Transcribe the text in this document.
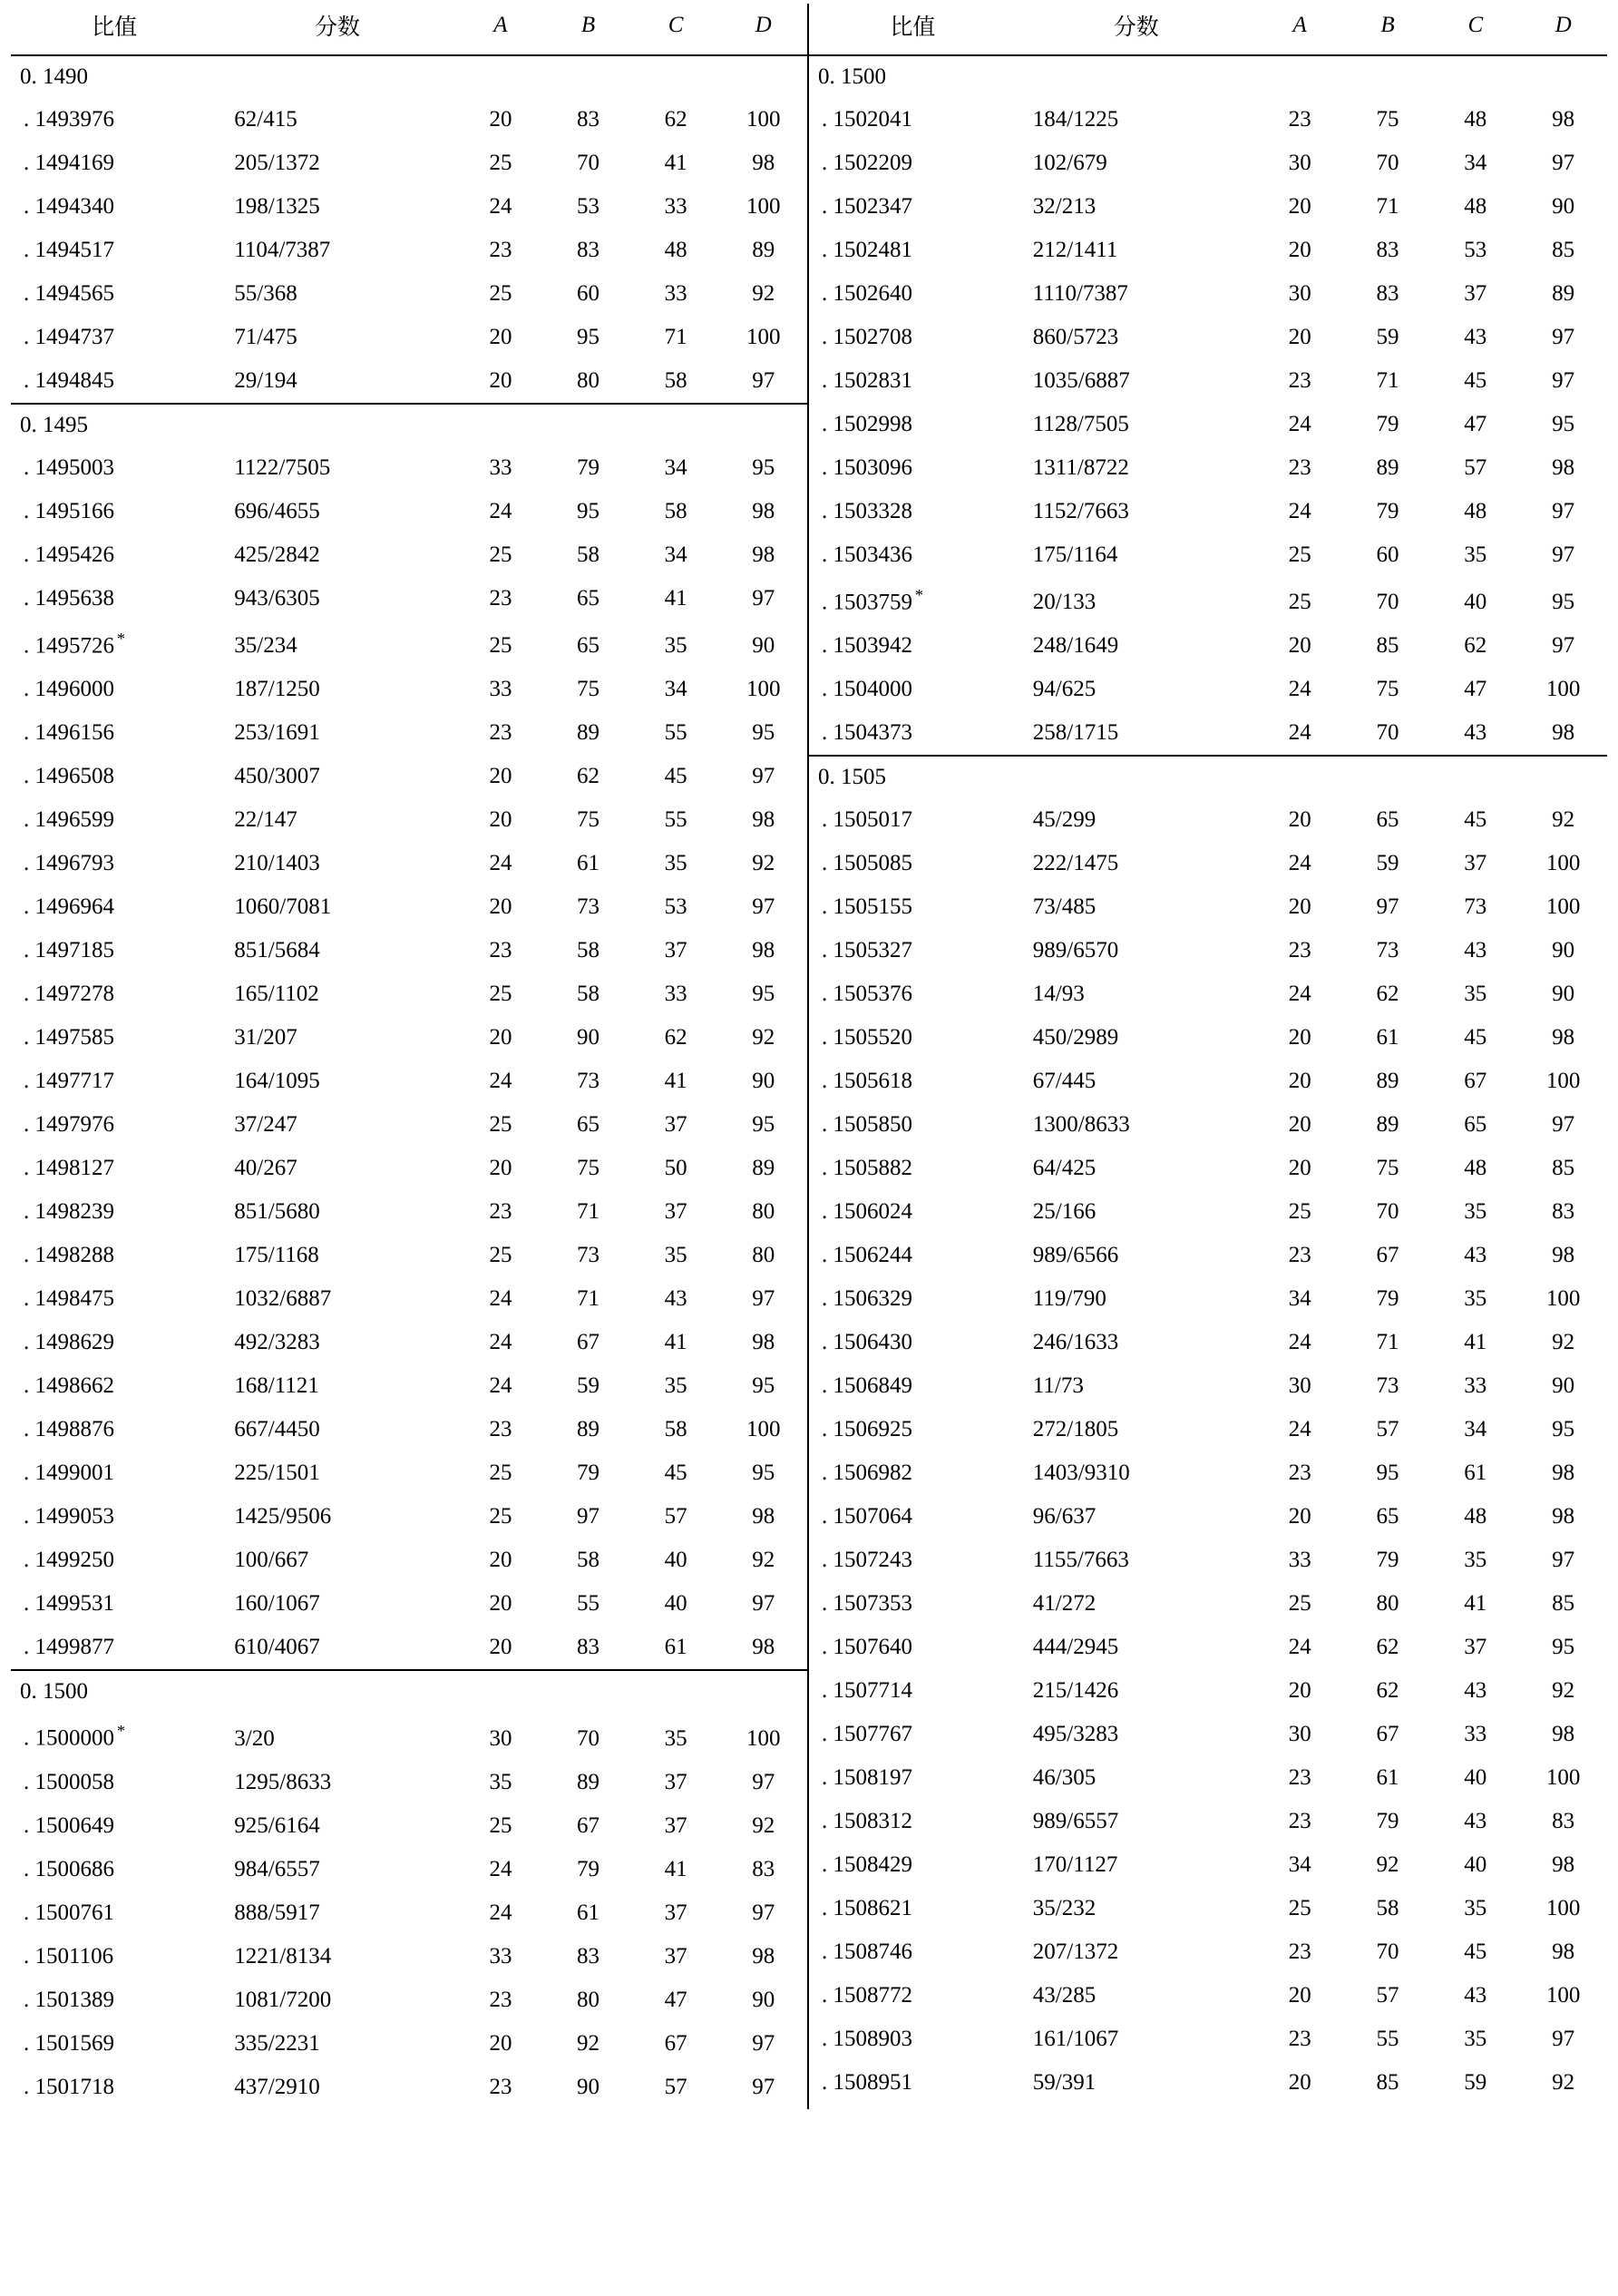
比值	分数	A	B	C	D
0. 1490					
. 1493976	62/415	20	83	62	100
. 1494169	205/1372	25	70	41	98
. 1494340	198/1325	24	53	33	100
. 1494517	1104/7387	23	83	48	89
. 1494565	55/368	25	60	33	92
. 1494737	71/475	20	95	71	100
. 1494845	29/194	20	80	58	97
0. 1495					
. 1495003	1122/7505	33	79	34	95
. 1495166	696/4655	24	95	58	98
. 1495426	425/2842	25	58	34	98
. 1495638	943/6305	23	65	41	97
. 1495726 *	35/234	25	65	35	90
. 1496000	187/1250	33	75	34	100
. 1496156	253/1691	23	89	55	95
. 1496508	450/3007	20	62	45	97
. 1496599	22/147	20	75	55	98
. 1496793	210/1403	24	61	35	92
. 1496964	1060/7081	20	73	53	97
. 1497185	851/5684	23	58	37	98
. 1497278	165/1102	25	58	33	95
. 1497585	31/207	20	90	62	92
. 1497717	164/1095	24	73	41	90
. 1497976	37/247	25	65	37	95
. 1498127	40/267	20	75	50	89
. 1498239	851/5680	23	71	37	80
. 1498288	175/1168	25	73	35	80
. 1498475	1032/6887	24	71	43	97
. 1498629	492/3283	24	67	41	98
. 1498662	168/1121	24	59	35	95
. 1498876	667/4450	23	89	58	100
. 1499001	225/1501	25	79	45	95
. 1499053	1425/9506	25	97	57	98
. 1499250	100/667	20	58	40	92
. 1499531	160/1067	20	55	40	97
. 1499877	610/4067	20	83	61	98
0. 1500					
. 1500000 *	3/20	30	70	35	100
. 1500058	1295/8633	35	89	37	97
. 1500649	925/6164	25	67	37	92
. 1500686	984/6557	24	79	41	83
. 1500761	888/5917	24	61	37	97
. 1501106	1221/8134	33	83	37	98
. 1501389	1081/7200	23	80	47	90
. 1501569	335/2231	20	92	67	97
. 1501718	437/2910	23	90	57	97
比值	分数	A	B	C	D
0. 1500					
. 1502041	184/1225	23	75	48	98
. 1502209	102/679	30	70	34	97
. 1502347	32/213	20	71	48	90
. 1502481	212/1411	20	83	53	85
. 1502640	1110/7387	30	83	37	89
. 1502708	860/5723	20	59	43	97
. 1502831	1035/6887	23	71	45	97
. 1502998	1128/7505	24	79	47	95
. 1503096	1311/8722	23	89	57	98
. 1503328	1152/7663	24	79	48	97
. 1503436	175/1164	25	60	35	97
. 1503759 *	20/133	25	70	40	95
. 1503942	248/1649	20	85	62	97
. 1504000	94/625	24	75	47	100
. 1504373	258/1715	24	70	43	98
0. 1505					
. 1505017	45/299	20	65	45	92
. 1505085	222/1475	24	59	37	100
. 1505155	73/485	20	97	73	100
. 1505327	989/6570	23	73	43	90
. 1505376	14/93	24	62	35	90
. 1505520	450/2989	20	61	45	98
. 1505618	67/445	20	89	67	100
. 1505850	1300/8633	20	89	65	97
. 1505882	64/425	20	75	48	85
. 1506024	25/166	25	70	35	83
. 1506244	989/6566	23	67	43	98
. 1506329	119/790	34	79	35	100
. 1506430	246/1633	24	71	41	92
. 1506849	11/73	30	73	33	90
. 1506925	272/1805	24	57	34	95
. 1506982	1403/9310	23	95	61	98
. 1507064	96/637	20	65	48	98
. 1507243	1155/7663	33	79	35	97
. 1507353	41/272	25	80	41	85
. 1507640	444/2945	24	62	37	95
. 1507714	215/1426	20	62	43	92
. 1507767	495/3283	30	67	33	98
. 1508197	46/305	23	61	40	100
. 1508312	989/6557	23	79	43	83
. 1508429	170/1127	34	92	40	98
. 1508621	35/232	25	58	35	100
. 1508746	207/1372	23	70	45	98
. 1508772	43/285	20	57	43	100
. 1508903	161/1067	23	55	35	97
. 1508951	59/391	20	85	59	92
